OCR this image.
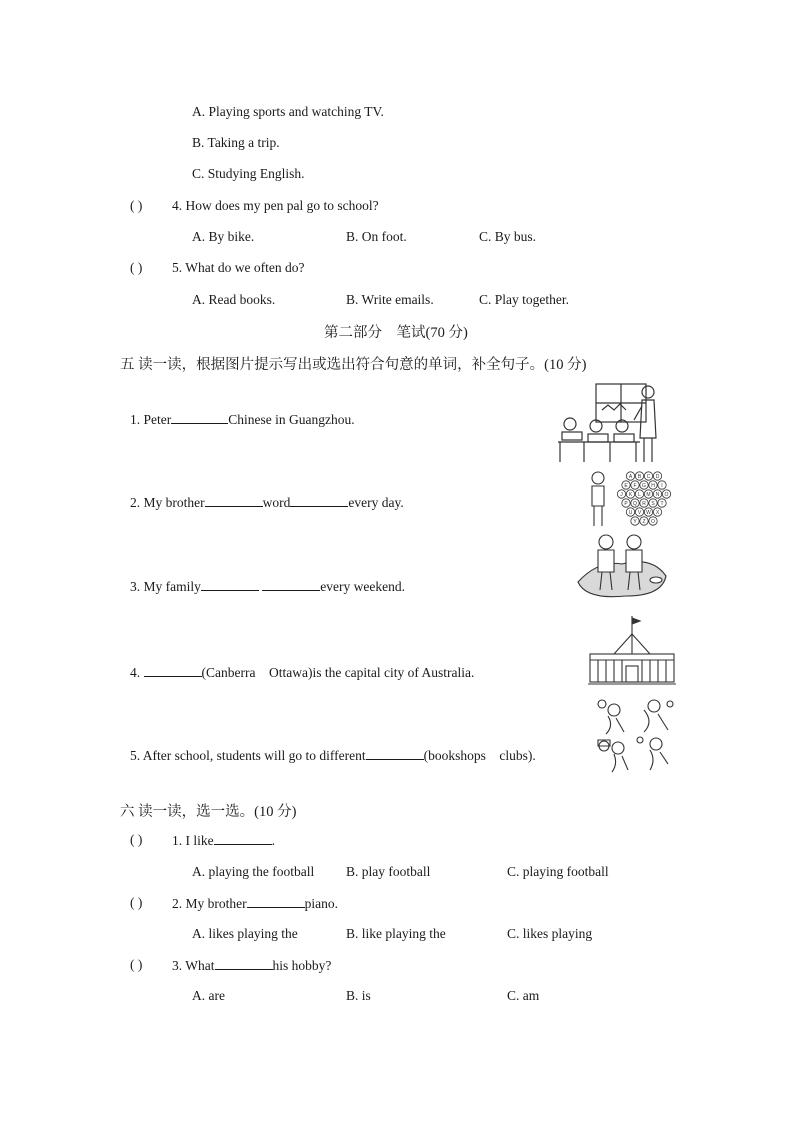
A. Playing sports and watching TV.
B. Taking a trip.
C. Studying English.
( ) 4. How does my pen pal go to school?
A. By bike.	B. On foot.	C. By bus.
( ) 5. What do we often do?
A. Read books.	B. Write emails.	C. Play together.
第二部分　笔试(70 分)
五 读一读，根据图片提示写出或选出符合句意的单词，补全句子。(10 分)
1. Peter	Chinese in Guangzhou.
2. My brother	word	every day.
3. My family	every weekend.
4.	(Canberra　Ottawa)is the capital city of Australia.
5. After school, students will go to different	(bookshops　clubs).
A B C D
E F G H I
J K L M N O
P Q R S T
U V W X
Y Z O
六 读一读，选一选。(10 分)
( ) 1. I like	.
A. playing the football B. play football	C. playing football
( ) 2. My brother	piano.
A. likes playing the	B. like playing the	C. likes playing
( ) 3. What	his hobby?
A. are	B. is	C. am
